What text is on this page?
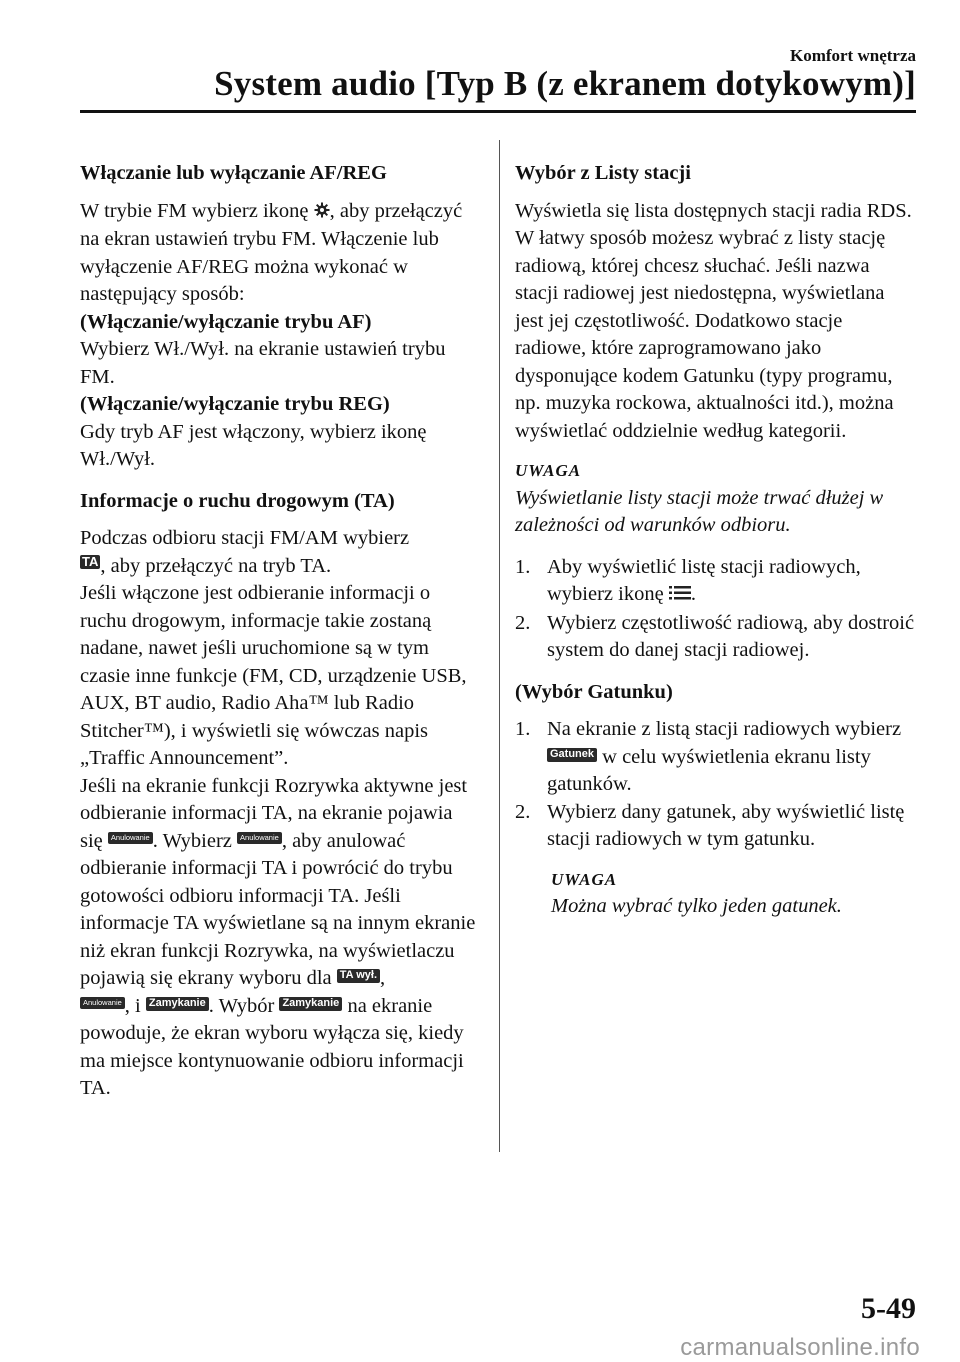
Komfort wnętrza
System audio [Typ B (z ekranem dotykowym)]

Włączanie lub wyłączanie AF/REG

W trybie FM wybierz ikonę , aby przełączyć na ekran ustawień trybu FM. Włączenie lub wyłączenie AF/REG można wykonać w następujący sposób:

(Włączanie/wyłączanie trybu AF)

Wybierz Wł./Wył. na ekranie ustawień trybu FM.

(Włączanie/wyłączanie trybu REG)

Gdy tryb AF jest włączony, wybierz ikonę Wł./Wył.

Informacje o ruchu drogowym (TA)

Podczas odbioru stacji FM/AM wybierz
TA, aby przełączyć na tryb TA.

Jeśli włączone jest odbieranie informacji o ruchu drogowym, informacje takie zostaną nadane, nawet jeśli uruchomione są w tym czasie inne funkcje (FM, CD, urządzenie USB, AUX, BT audio, Radio Aha™ lub Radio Stitcher™), i wyświetli się wówczas napis „Traffic Announcement”.

Jeśli na ekranie funkcji Rozrywka aktywne jest odbieranie informacji TA, na ekranie pojawia się Anulowanie . Wybierz Anulowanie , aby anulować odbieranie informacji TA i powrócić do trybu gotowości odbioru informacji TA. Jeśli informacje TA wyświetlane są na innym ekranie niż ekran funkcji Rozrywka, na wyświetlaczu pojawią się ekrany wyboru dla TA wył. ,
Anulowanie , i Zamykanie . Wybór Zamykanie na ekranie powoduje, że ekran wyboru wyłącza się, kiedy ma miejsce kontynuowanie odbioru informacji TA.

Wybór z Listy stacji

Wyświetla się lista dostępnych stacji radia RDS. W łatwy sposób możesz wybrać z listy stację radiową, której chcesz słuchać. Jeśli nazwa stacji radiowej jest niedostępna, wyświetlana jest jej częstotliwość. Dodatkowo stacje radiowe, które zaprogramowano jako dysponujące kodem Gatunku (typy programu, np. muzyka rockowa, aktualności itd.), można wyświetlać oddzielnie według kategorii.

UWAGA

Wyświetlanie listy stacji może trwać dłużej w zależności od warunków odbioru.

1. Aby wyświetlić listę stacji radiowych, wybierz ikonę .
2. Wybierz częstotliwość radiową, aby dostroić system do danej stacji radiowej.

(Wybór Gatunku)

1. Na ekranie z listą stacji radiowych wybierz Gatunek w celu wyświetlenia ekranu listy gatunków.
2. Wybierz dany gatunek, aby wyświetlić listę stacji radiowych w tym gatunku.

UWAGA

Można wybrać tylko jeden gatunek.

5-49
carmanualsonline.info
